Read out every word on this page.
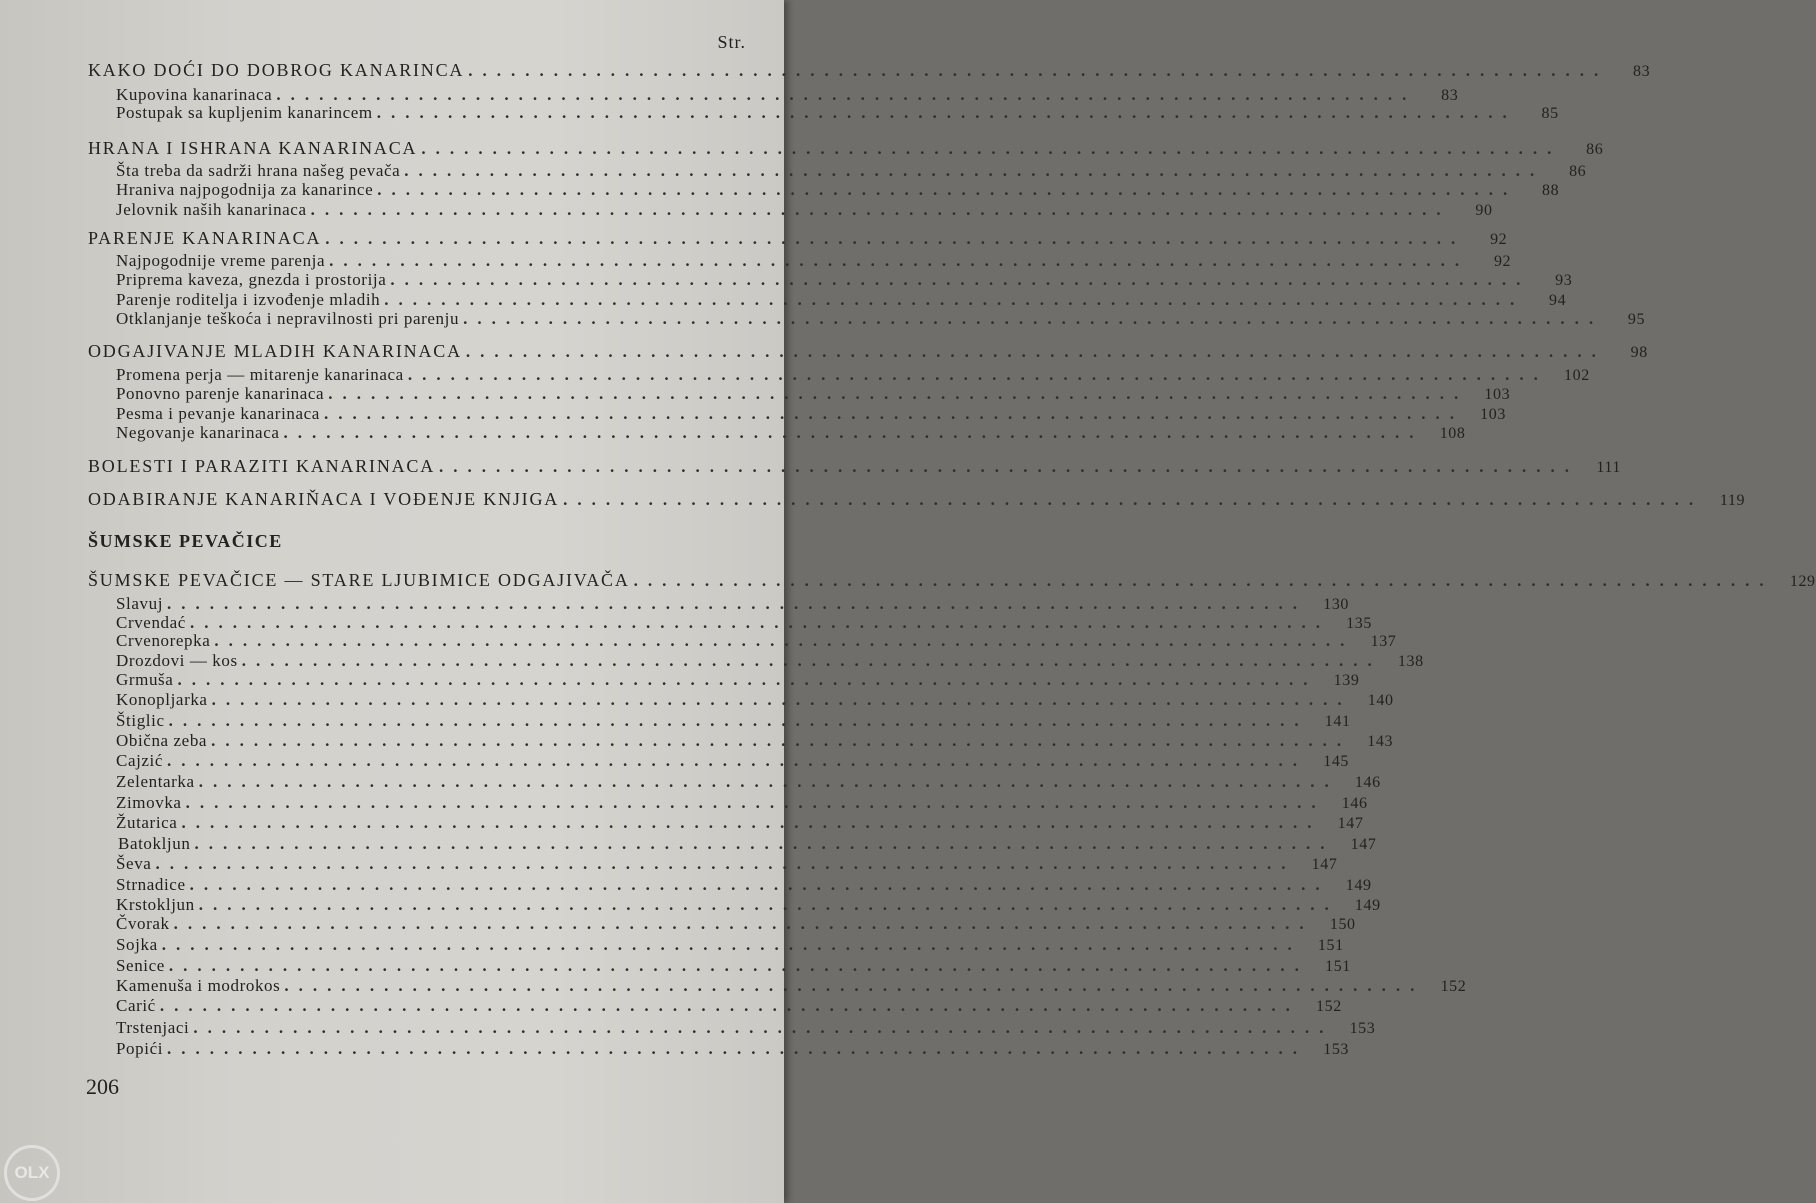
Str.
KAKO DOĆI DO DOBROG KANARINCA ................................................................................	83
Kupovina kanarinaca ................................................................................	83
Postupak sa kupljenim kanarincem ................................................................................	85
HRANA I ISHRANA KANARINACA ................................................................................	86
Šta treba da sadrži hrana našeg pevača ................................................................................	86
Hraniva najpogodnija za kanarince ................................................................................	88
Jelovnik naših kanarinaca ................................................................................	90
PARENJE KANARINACA ................................................................................	92
Najpogodnije vreme parenja ................................................................................	92
Priprema kaveza, gnezda i prostorija ................................................................................	93
Parenje roditelja i izvođenje mladih ................................................................................	94
Otklanjanje teškoća i nepravilnosti pri parenju ................................................................................	95
ODGAJIVANJE MLADIH KANARINACA ................................................................................	98
Promena perja — mitarenje kanarinaca ................................................................................	102
Ponovno parenje kanarinaca ................................................................................	103
Pesma i pevanje kanarinaca ................................................................................	103
Negovanje kanarinaca ................................................................................	108
BOLESTI I PARAZITI KANARINACA ................................................................................	111
ODABIRANJE KANARIŇACA I VOĐENJE KNJIGA ................................................................................	119
ŠUMSKE PEVAČICE — STARE LJUBIMICE ODGAJIVAČA ................................................................................	129
Slavuj ................................................................................	130
Crvendać ................................................................................	135
Crvenorepka ................................................................................	137
Drozdovi — kos ................................................................................	138
Grmuša ................................................................................	139
Konopljarka ................................................................................	140
Štiglic ................................................................................	141
Obična zeba ................................................................................	143
Cajzić ................................................................................	145
Zelentarka ................................................................................	146
Zimovka ................................................................................	146
Žutarica ................................................................................	147
Batokljun ................................................................................	147
Ševa ................................................................................	147
Strnadice ................................................................................	149
Krstokljun ................................................................................	149
Čvorak ................................................................................	150
Sojka ................................................................................	151
Senice ................................................................................	151
Kamenuša i modrokos ................................................................................	152
Carić ................................................................................	152
Trstenjaci ................................................................................	153
Popići ................................................................................	153
ŠUMSKE PEVAČICE
206
OLX
